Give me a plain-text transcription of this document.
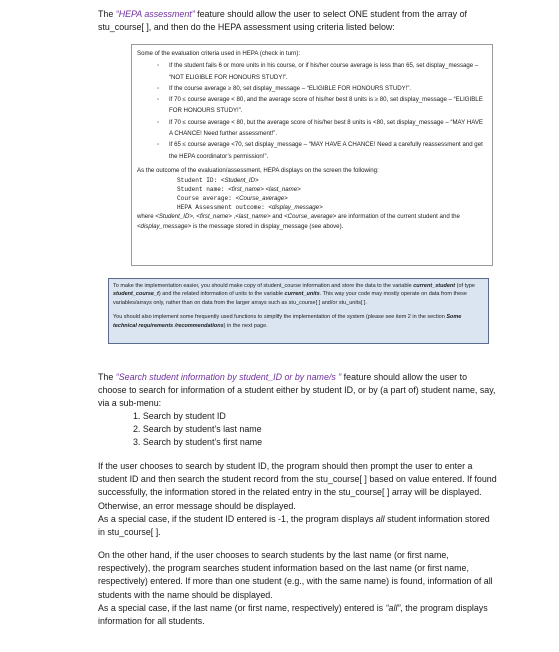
The “HEPA assessment” feature should allow the user to select ONE student from the array of stu_course[ ], and then do the HEPA assessment using criteria listed below:
Some of the evaluation criteria used in HEPA (check in turn):
◦ If the student fails 6 or more units in his course, or if his/her course average is less than 65, set display_message – “NOT ELIGIBLE FOR HONOURS STUDY!”.
◦ If the course average ≥ 80, set display_message – “ELIGIBLE FOR HONOURS STUDY!”.
◦ If 70 ≤ course average < 80, and the average score of his/her best 8 units is ≥ 80, set display_message – “ELIGIBLE FOR HONOURS STUDY!”.
◦ If 70 ≤ course average < 80, but the average score of his/her best 8 units is <80, set display_message – “MAY HAVE A CHANCE! Need further assessment!”.
◦ If 65 ≤ course average <70, set display_message – “MAY HAVE A CHANCE! Need a carefully reassessment and get the HEPA coordinator’s permission!”.
As the outcome of the evaluation/assessment, HEPA displays on the screen the following:
Student ID: <Student_ID>
Student name: <first_name> <last_name>
Course average: <Course_average>
HEPA Assessment outcome: <display_message>
where <Student_ID>, <first_name> ,<last_name> and <Course_average> are information of the current student and the <display_message> is the message stored in display_message (see above).

To make the implementation easier, you should make copy of student_course information and store the data to the variable current_student (of type student_course_t) and the related information of units to the variable current_units. This way your code may mostly operate on data from these variables/arrays only, rather than on data from the larger arrays such as stu_course[ ] and/or stu_units[ ].

You should also implement some frequently used functions to simplify the implementation of the system (please see item 2 in the section Some technical requirements /recommendations) in the next page.

The “Search student information by student_ID or by name/s ” feature should allow the user to choose to search for information of a student either by student ID, or by (a part of) student name, say, via a sub-menu:
1. Search by student ID
2. Search by student’s last name
3. Search by student’s first name
If the user chooses to search by student ID, the program should then prompt the user to enter a student ID and then search the student record from the stu_course[ ] based on value entered. If found successfully, the information stored in the related entry in the stu_course[ ] array will be displayed. Otherwise, an error message should be displayed.
As a special case, if the student ID entered is -1, the program displays all student information stored in stu_course[ ].
On the other hand, if the user chooses to search students by the last name (or first name, respectively), the program searches student information based on the last name (or first name, respectively) entered. If more than one student (e.g., with the same name) is found, information of all students with the name should be displayed.
As a special case, if the last name (or first name, respectively) entered is “all”, the program displays information for all students.
